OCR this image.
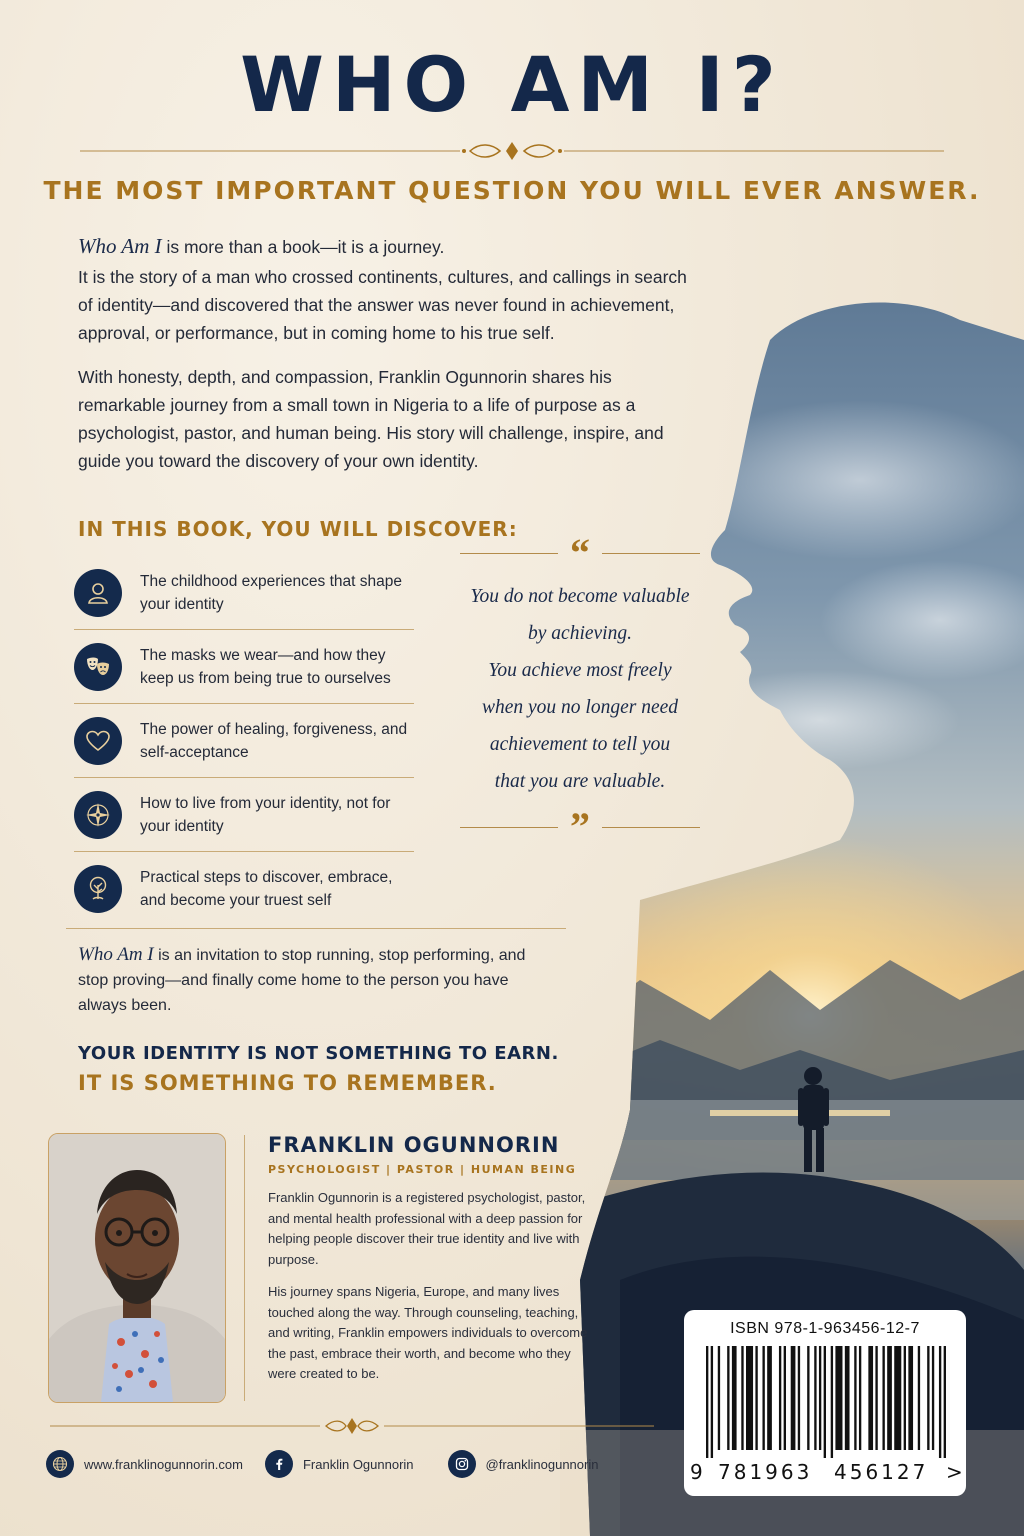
WHO AM I?
THE MOST IMPORTANT QUESTION YOU WILL EVER ANSWER.

Who Am I is more than a book—it is a journey.

It is the story of a man who crossed continents, cultures, and callings in search of identity—and discovered that the answer was never found in achievement, approval, or performance, but in coming home to his true self.

With honesty, depth, and compassion, Franklin Ogunnorin shares his remarkable journey from a small town in Nigeria to a life of purpose as a psychologist, pastor, and human being. His story will challenge, inspire, and guide you toward the discovery of your own identity.

IN THIS BOOK, YOU WILL DISCOVER:
The childhood experiences that shape your identity
The masks we wear—and how they keep us from being true to ourselves
The power of healing, forgiveness, and self-acceptance
How to live from your identity, not for your identity
Practical steps to discover, embrace, and become your truest self
“
You do not become valuable
by achieving.
You achieve most freely
when you no longer need
achievement to tell you
that you are valuable.
”
Who Am I is an invitation to stop running, stop performing, and stop proving—and finally come home to the person you have always been.
YOUR IDENTITY IS NOT SOMETHING TO EARN.
IT IS SOMETHING TO REMEMBER.
FRANKLIN OGUNNORIN
PSYCHOLOGIST | PASTOR | HUMAN BEING

Franklin Ogunnorin is a registered psychologist, pastor, and mental health professional with a deep passion for helping people discover their true identity and live with purpose.

His journey spans Nigeria, Europe, and many lives touched along the way. Through counseling, teaching, and writing, Franklin empowers individuals to overcome the past, embrace their worth, and become who they were created to be.

www.franklinogunnorin.com	Franklin Ogunnorin	@franklinogunnorin
ISBN 978-1-963456-12-7
9 781963 456127 >
